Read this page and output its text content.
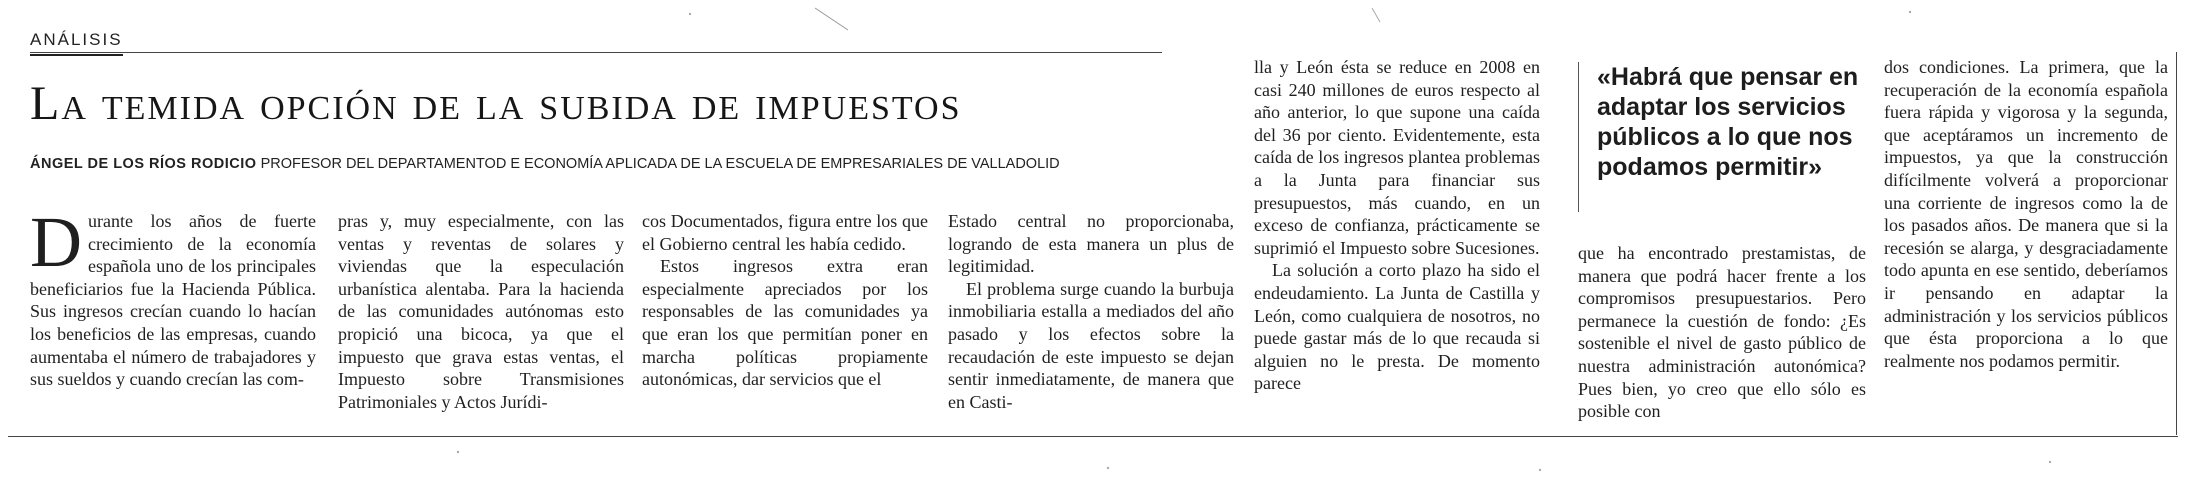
ANÁLISIS
La temida opción de la subida de impuestos
ÁNGEL DE LOS RÍOS RODICIO PROFESOR DEL DEPARTAMENTOD E ECONOMÍA APLICADA DE LA ESCUELA DE EMPRESARIALES DE VALLADOLID

Durante los años de fuerte crecimiento de la economía española uno de los principales beneficiarios fue la Hacienda Pública. Sus ingresos crecían cuando lo hacían los beneficios de las empresas, cuando aumentaba el número de trabajadores y sus sueldos y cuando crecían las com-

pras y, muy especialmente, con las ventas y reventas de solares y viviendas que la especulación urbanística alentaba. Para la hacienda de las comunidades autónomas esto propició una bicoca, ya que el impuesto que grava estas ventas, el Impuesto sobre Transmisiones Patrimoniales y Actos Jurídi-

cos Documentados, figura entre los que el Gobierno central les había cedido.

Estos ingresos extra eran especialmente apreciados por los responsables de las comunidades ya que eran los que permitían poner en marcha políticas propiamente autonómicas, dar servicios que el

Estado central no proporcionaba, logrando de esta manera un plus de legitimidad.

El problema surge cuando la burbuja inmobiliaria estalla a mediados del año pasado y los efectos sobre la recaudación de este impuesto se dejan sentir inmediatamente, de manera que en Casti-

lla y León ésta se reduce en 2008 en casi 240 millones de euros respecto al año anterior, lo que supone una caída del 36 por ciento. Evidentemente, esta caída de los ingresos plantea problemas a la Junta para financiar sus presupuestos, más cuando, en un exceso de confianza, prácticamente se suprimió el Impuesto sobre Sucesiones.

La solución a corto plazo ha sido el endeudamiento. La Junta de Castilla y León, como cualquiera de nosotros, no puede gastar más de lo que recauda si alguien no le presta. De momento parece

«Habrá que pensar en adaptar los servicios públicos a lo que nos podamos permitir»

que ha encontrado prestamistas, de manera que podrá hacer frente a los compromisos presupuestarios. Pero permanece la cuestión de fondo: ¿Es sostenible el nivel de gasto público de nuestra administración autonómica? Pues bien, yo creo que ello sólo es posible con

dos condiciones. La primera, que la recuperación de la economía española fuera rápida y vigorosa y la segunda, que aceptáramos un incremento de impuestos, ya que la construcción difícilmente volverá a proporcionar una corriente de ingresos como la de los pasados años. De manera que si la recesión se alarga, y desgraciadamente todo apunta en ese sentido, deberíamos ir pensando en adaptar la administración y los servicios públicos que ésta proporciona a lo que realmente nos podamos permitir.
